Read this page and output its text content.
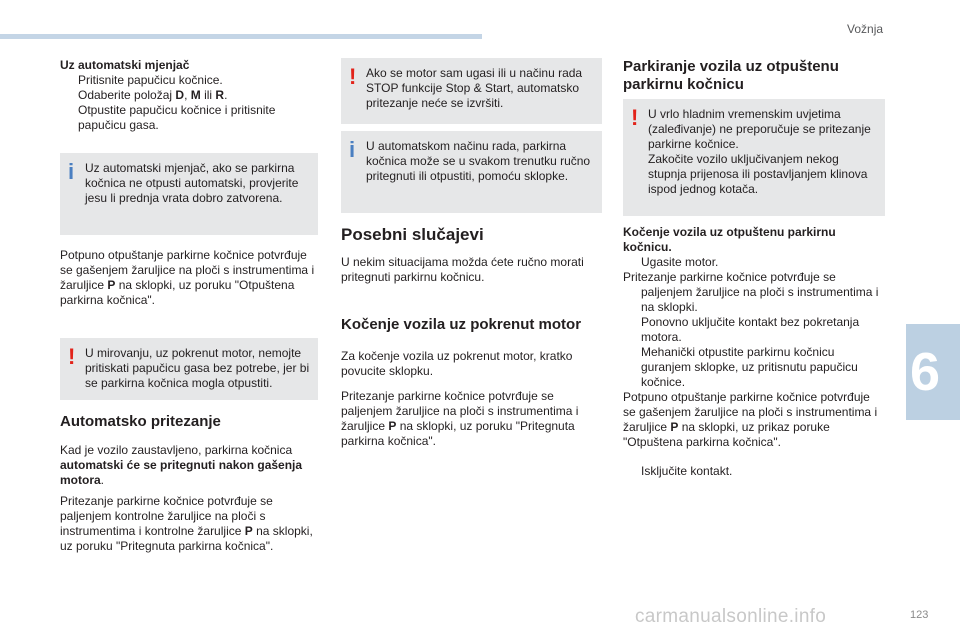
Vožnja
6

Uz automatski mjenjač

Pritisnite papučicu kočnice.
Odaberite položaj D, M ili R.
Otpustite papučicu kočnice i pritisnite papučicu gasa.
i Uz automatski mjenjač, ako se parkirna kočnica ne otpusti automatski, provjerite jesu li prednja vrata dobro zatvorena.

Potpuno otpuštanje parkirne kočnice potvrđuje se gašenjem žaruljice na ploči s instrumentima i žaruljice P na sklopki, uz poruku "Otpuštena parkirna kočnica".

! U mirovanju, uz pokrenut motor, nemojte pritiskati papučicu gasa bez potrebe, jer bi se parkirna kočnica mogla otpustiti.

Automatsko pritezanje

Kad je vozilo zaustavljeno, parkirna kočnica automatski će se pritegnuti nakon gašenja motora.

Pritezanje parkirne kočnice potvrđuje se paljenjem kontrolne žaruljice na ploči s instrumentima i kontrolne žaruljice P na sklopki, uz poruku "Pritegnuta parkirna kočnica".

! Ako se motor sam ugasi ili u načinu rada STOP funkcije Stop & Start, automatsko pritezanje neće se izvršiti.

i U automatskom načinu rada, parkirna kočnica može se u svakom trenutku ručno pritegnuti ili otpustiti, pomoću sklopke.

Posebni slučajevi

U nekim situacijama možda ćete ručno morati pritegnuti parkirnu kočnicu.

Kočenje vozila uz pokrenut motor

Za kočenje vozila uz pokrenut motor, kratko povucite sklopku.

Pritezanje parkirne kočnice potvrđuje se paljenjem žaruljice na ploči s instrumentima i žaruljice P na sklopki, uz poruku "Pritegnuta parkirna kočnica".

Parkiranje vozila uz otpuštenu parkirnu kočnicu
! U vrlo hladnim vremenskim uvjetima (zaleđivanje) ne preporučuje se pritezanje parkirne kočnice.
Zakočite vozilo uključivanjem nekog stupnja prijenosa ili postavljanjem klinova ispod jednog kotača.

Kočenje vozila uz otpuštenu parkirnu kočnicu.

Ugasite motor.

Pritezanje parkirne kočnice potvrđuje se paljenjem žaruljice na ploči s instrumentima i na sklopki.

Ponovno uključite kontakt bez pokretanja motora.
Mehanički otpustite parkirnu kočnicu guranjem sklopke, uz pritisnutu papučicu kočnice.

Potpuno otpuštanje parkirne kočnice potvrđuje se gašenjem žaruljice na ploči s instrumentima i žaruljice P na sklopki, uz prikaz poruke "Otpuštena parkirna kočnica".

Isključite kontakt.
carmanualsonline.info	123
